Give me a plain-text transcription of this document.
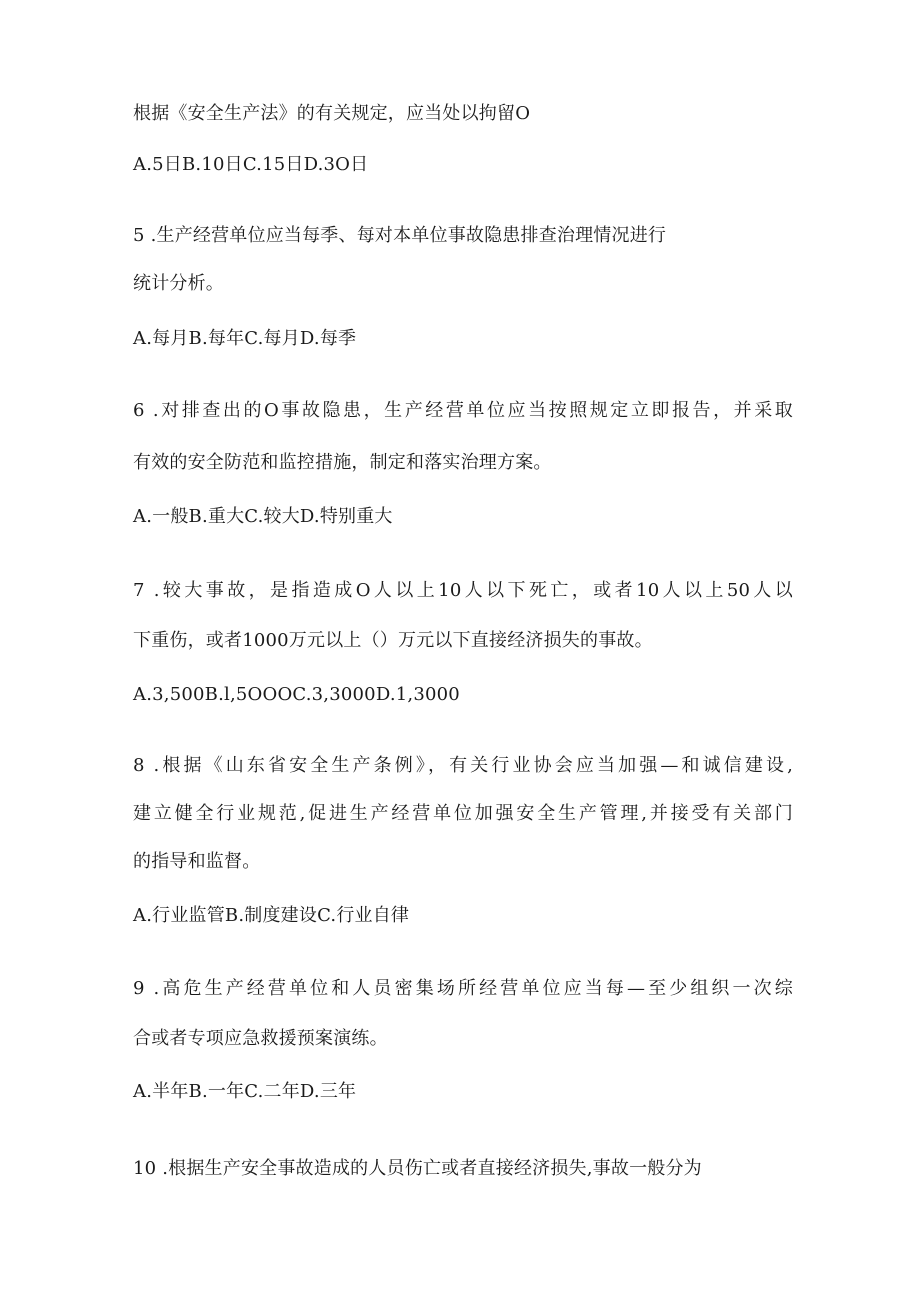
根据《安全生产法》的有关规定，应当处以拘留O
A.5日B.10日C.15日D.3O日
5 .生产经营单位应当每季、每对本单位事故隐患排查治理情况进行
统计分析。
A.每月B.每年C.每月D.每季
6 .对排查出的O事故隐患，生产经营单位应当按照规定立即报告，并采取
有效的安全防范和监控措施，制定和落实治理方案。
A.一般B.重大C.较大D.特别重大
7 .较大事故，是指造成O人以上10人以下死亡，或者10人以上50人以
下重伤，或者1000万元以上（）万元以下直接经济损失的事故。
A.3,500B.l,5OOOC.3,3000D.1,3000
8 .根据《山东省安全生产条例》，有关行业协会应当加强—和诚信建设,
建立健全行业规范,促进生产经营单位加强安全生产管理,并接受有关部门
的指导和监督。
A.行业监管B.制度建设C.行业自律
9 .高危生产经营单位和人员密集场所经营单位应当每—至少组织一次综
合或者专项应急救援预案演练。
A.半年B.一年C.二年D.三年
10 .根据生产安全事故造成的人员伤亡或者直接经济损失,事故一般分为
